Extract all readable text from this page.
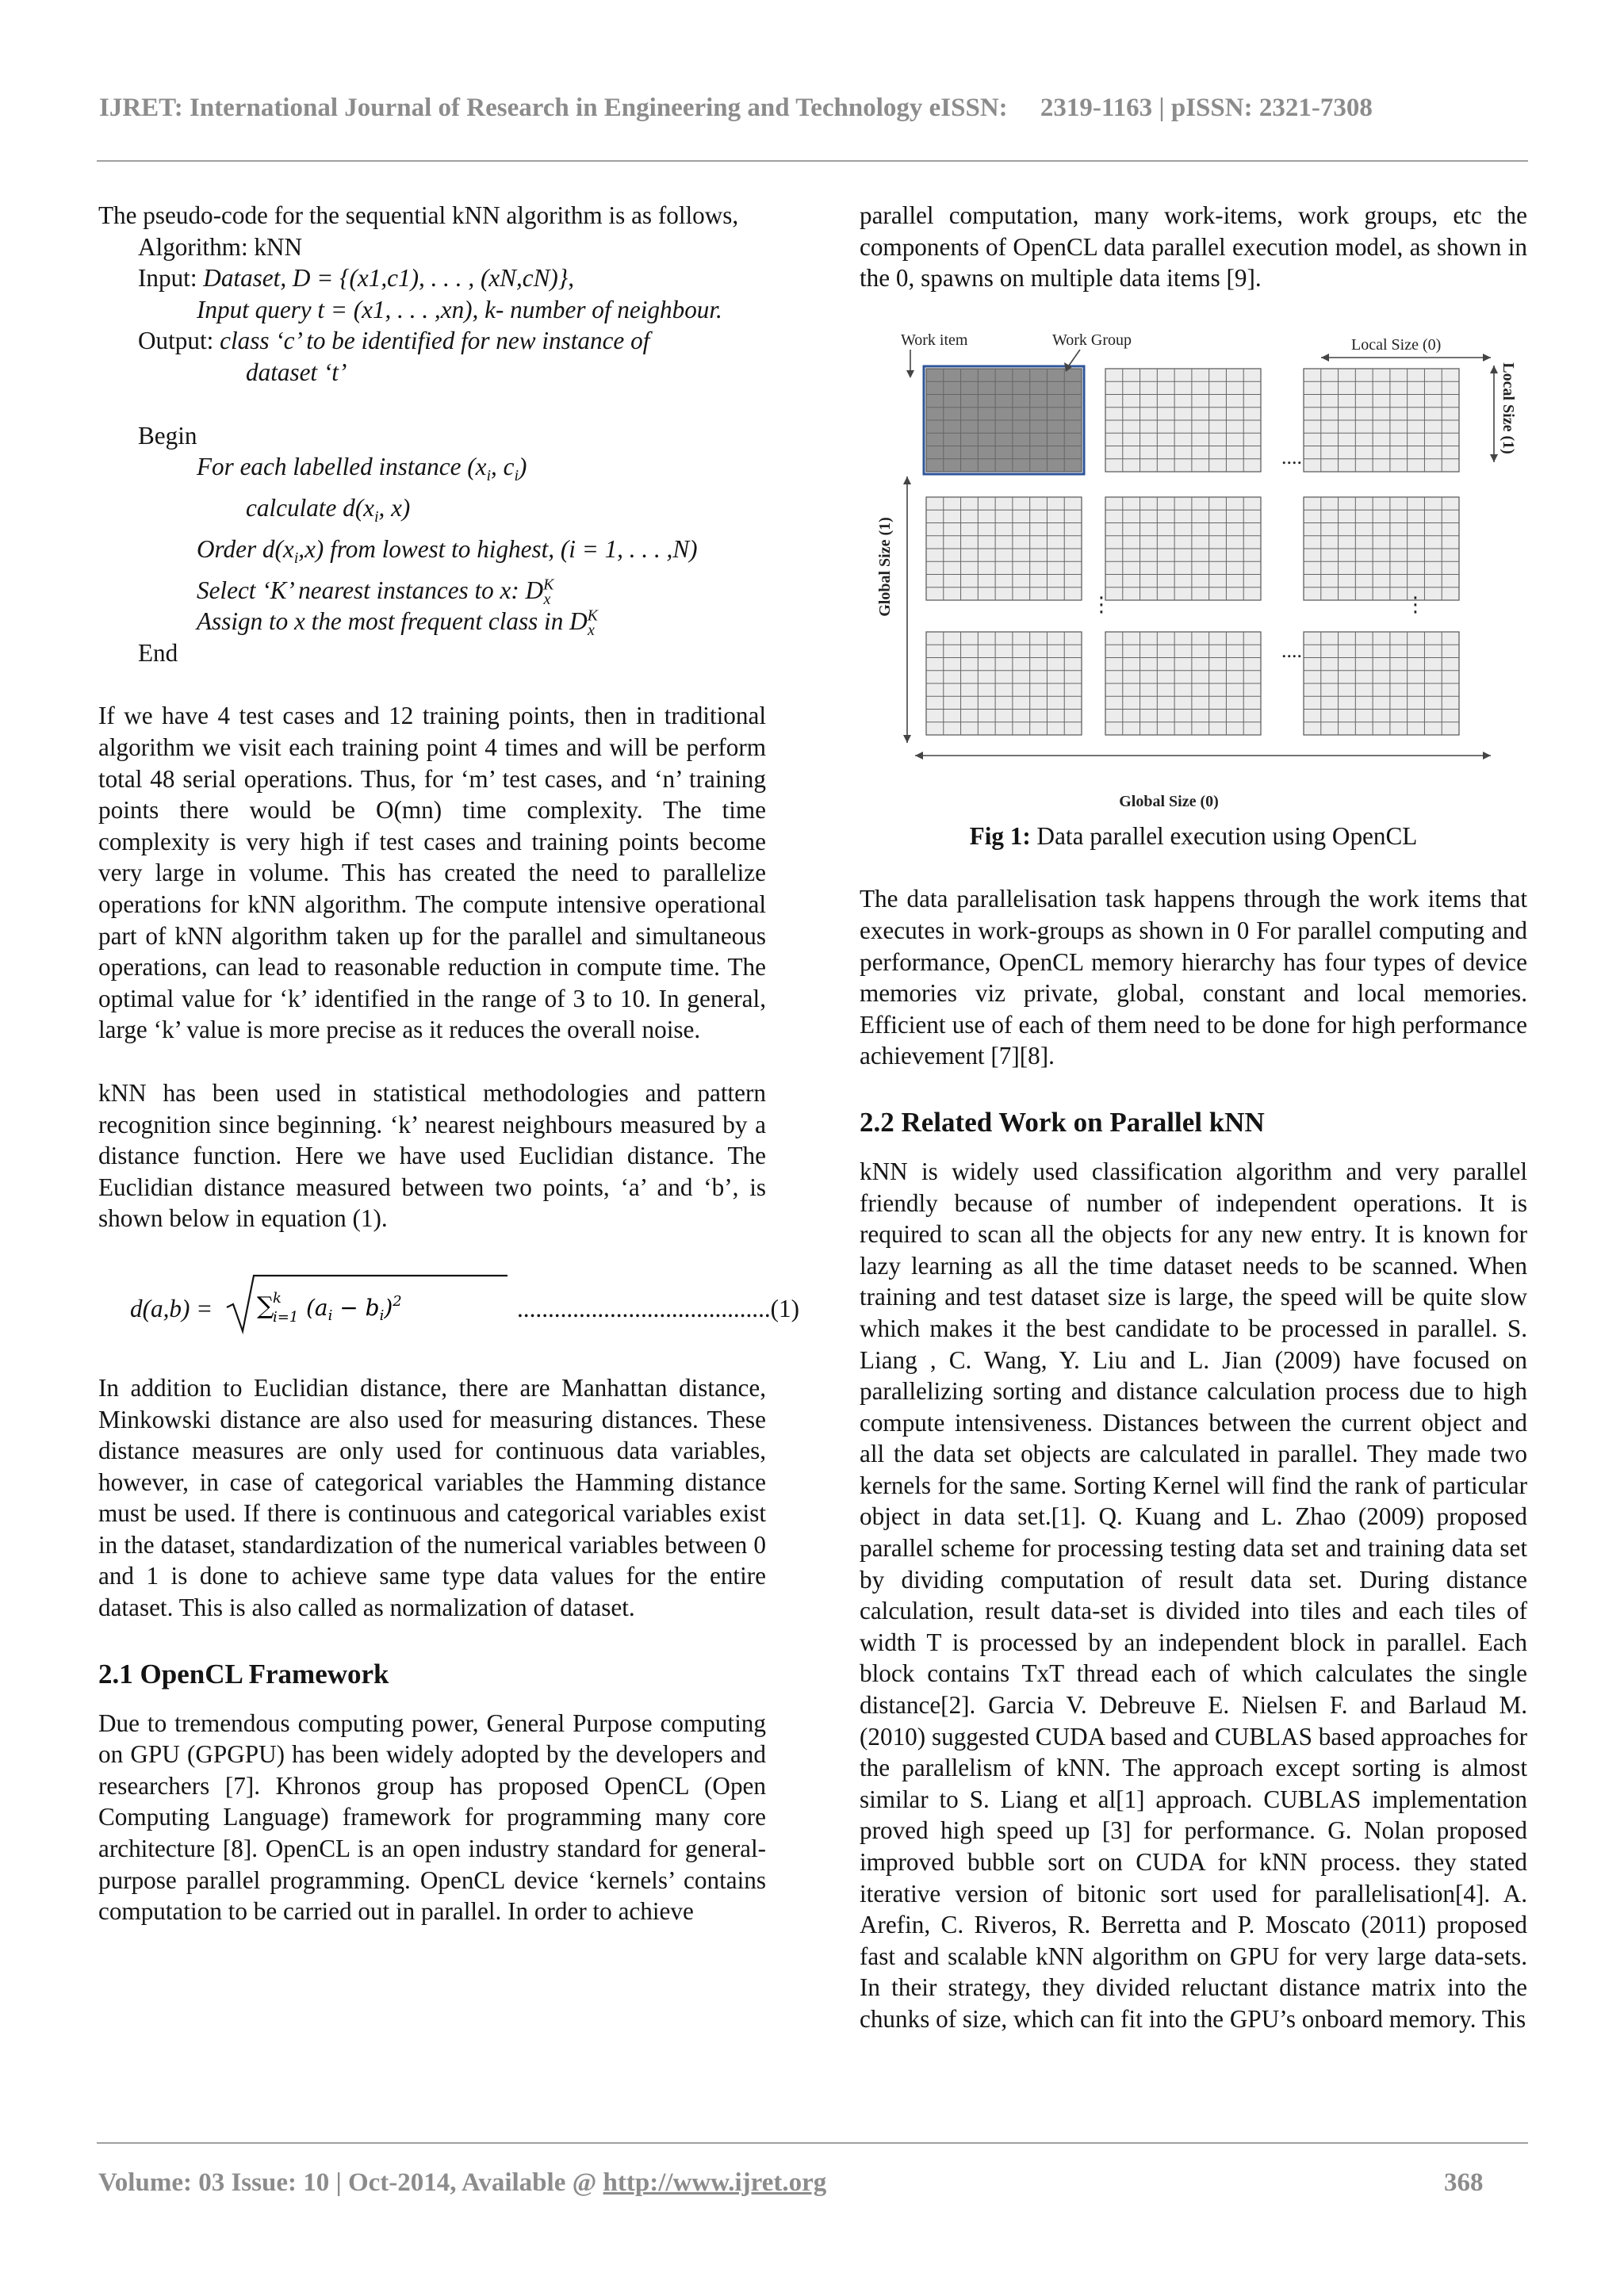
IJRET: International Journal of Research in Engineering and Technology eISSN:     2319-1163 | pISSN: 2321-7308

The pseudo-code for the sequential kNN algorithm is as follows,

Algorithm: kNN
Input: Dataset, D = {(x1,c1), . . . , (xN,cN)},
Input query t = (x1, . . . ,xn), k- number of neighbour.
Output: class ‘c’ to be identified for new instance of
dataset ‘t’
Begin
For each labelled instance ($x_i$, $c_i$)
calculate $d(x_i$, x)
Order $d(x_i,x)$ from lowest to highest, (i = 1, . . . ,N)
Select ‘K’ nearest instances to x: $D^K_x$
Assign to x the most frequent class in $D^K_x$
End

If we have 4 test cases and 12 training points, then in traditional algorithm we visit each training point 4 times and will be perform total 48 serial operations. Thus, for ‘m’ test cases, and ‘n’ training points there would be O(mn) time complexity. The time complexity is very high if test cases and training points become very large in volume. This has created the need to parallelize operations for kNN algorithm. The compute intensive operational part of kNN algorithm taken up for the parallel and simultaneous operations, can lead to reasonable reduction in compute time. The optimal value for ‘k’ identified in the range of 3 to 10. In general, large ‘k’ value is more precise as it reduces the overall noise.

kNN has been used in statistical methodologies and pattern recognition since beginning. ‘k’ nearest neighbours measured by a distance function. Here we have used Euclidian distance. The Euclidian distance measured between two points, ‘a’ and ‘b’, is shown below in equation (1).

d(a,b) = ∑
k
i=1 $(a_i - b_i)^2$	.........................................(1)

In addition to Euclidian distance, there are Manhattan distance, Minkowski distance are also used for measuring distances. These distance measures are only used for continuous data variables, however, in case of categorical variables the Hamming distance must be used. If there is continuous and categorical variables exist in the dataset, standardization of the numerical variables between 0 and 1 is done to achieve same type data values for the entire dataset. This is also called as normalization of dataset.

2.1 OpenCL Framework

Due to tremendous computing power, General Purpose computing on GPU (GPGPU) has been widely adopted by the developers and researchers [7]. Khronos group has proposed OpenCL (Open Computing Language) framework for programming many core architecture [8]. OpenCL is an open industry standard for general-purpose parallel programming. OpenCL device ‘kernels’ contains computation to be carried out in parallel. In order to achieve

parallel computation, many work-items, work groups, etc the components of OpenCL data parallel execution model, as shown in the 0, spawns on multiple data items [9].

Work item	Work Group	Local Size (0)
Local Size (1)
Global Size (1)
Global Size (0)
....
....
⋮	⋮

Fig 1: Data parallel execution using OpenCL

The data parallelisation task happens through the work items that executes in work-groups as shown in 0 For parallel computing and performance, OpenCL memory hierarchy has four types of device memories viz private, global, constant and local memories. Efficient use of each of them need to be done for high performance achievement [7][8].

2.2 Related Work on Parallel kNN

kNN is widely used classification algorithm and very parallel friendly because of number of independent operations. It is required to scan all the objects for any new entry. It is known for lazy learning as all the time dataset needs to be scanned. When training and test dataset size is large, the speed will be quite slow which makes it the best candidate to be processed in parallel. S. Liang , C. Wang, Y. Liu and L. Jian (2009) have focused on parallelizing sorting and distance calculation process due to high compute intensiveness. Distances between the current object and all the data set objects are calculated in parallel. They made two kernels for the same. Sorting Kernel will find the rank of particular object in data set.[1]. Q. Kuang and L. Zhao (2009) proposed parallel scheme for processing testing data set and training data set by dividing computation of result data set. During distance calculation, result data-set is divided into tiles and each tiles of width T is processed by an independent block in parallel. Each block contains TxT thread each of which calculates the single distance[2]. Garcia V. Debreuve E. Nielsen F. and Barlaud M. (2010) suggested CUDA based and CUBLAS based approaches for the parallelism of kNN. The approach except sorting is almost similar to S. Liang et al[1] approach. CUBLAS implementation proved high speed up [3] for performance. G. Nolan proposed improved bubble sort on CUDA for kNN process. they stated iterative version of bitonic sort used for parallelisation[4]. A. Arefin, C. Riveros, R. Berretta and P. Moscato (2011) proposed fast and scalable kNN algorithm on GPU for very large data-sets. In their strategy, they divided reluctant distance matrix into the chunks of size, which can fit into the GPU’s onboard memory. This

Volume: 03 Issue: 10 | Oct-2014, Available @ http://www.ijret.org	368
